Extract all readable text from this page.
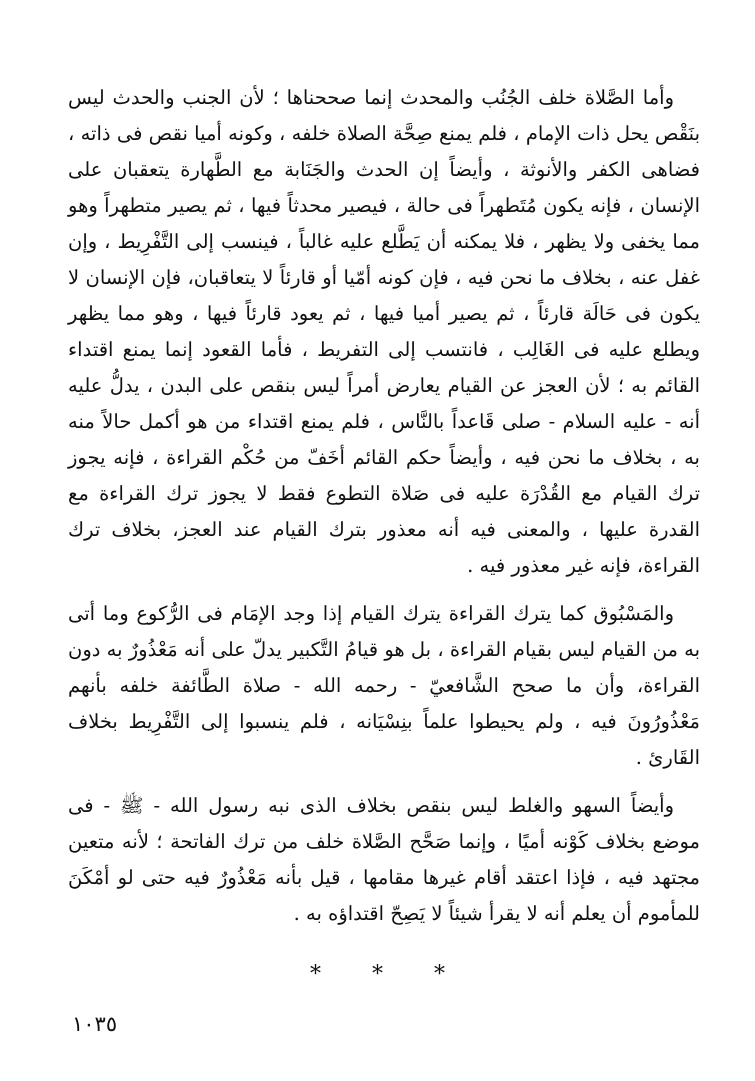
وأما الصَّلاة خلف الجُنُب والمحدث إنما صححناها ؛ لأن الجنب والحدث ليس بنَقْص يحل ذات الإمام ، فلم يمنع صِحَّة الصلاة خلفه ، وكونه أميا نقص فى ذاته ، فضاهى الكفر والأنوثة ، وأيضاً إن الحدث والجَنَابة مع الطَّهارة يتعقبان على الإنسان ، فإنه يكون مُتَطهراً فى حالة ، فيصير محدثاً فيها ، ثم يصير متطهراً وهو مما يخفى ولا يظهر ، فلا يمكنه أن يَطَّلع عليه غالباً ، فينسب إلى التَّفْرِيط ، وإن غفل عنه ، بخلاف ما نحن فيه ، فإن كونه أمّيا أو قارئاً لا يتعاقبان، فإن الإنسان لا يكون فى حَالَة قارئاً ، ثم يصير أميا فيها ، ثم يعود قارئاً فيها ، وهو مما يظهر ويطلع عليه فى الغَالِب ، فانتسب إلى التفريط ، فأما القعود إنما يمنع اقتداء القائم به ؛ لأن العجز عن القيام يعارض أمراً ليس بنقص على البدن ، يدلُّ عليه أنه - عليه السلام - صلى قَاعداً بالنَّاس ، فلم يمنع اقتداء من هو أكمل حالاً منه به ، بخلاف ما نحن فيه ، وأيضاً حكم القائم أخَفّ من حُكْم القراءة ، فإنه يجوز ترك القيام مع القُدْرَة عليه فى صَلاة التطوع فقط لا يجوز ترك القراءة مع القدرة عليها ، والمعنى فيه أنه معذور بترك القيام عند العجز، بخلاف ترك القراءة، فإنه غير معذور فيه .

والمَسْبُوق كما يترك القراءة يترك القيام إذا وجد الإمَام فى الرُّكوع وما أتى به من القيام ليس بقيام القراءة ، بل هو قيامُ التَّكبير يدلّ على أنه مَعْذُورٌ به دون القراءة، وأن ما صحح الشَّافعيّ - رحمه الله - صلاة الطَّائفة خلفه بأنهم مَعْذُورُونَ فيه ، ولم يحيطوا علماً بنِسْيَانه ، فلم ينسبوا إلى التَّفْرِيط بخلاف القَارئ .

وأيضاً السهو والغلط ليس بنقص بخلاف الذى نبه رسول الله - ﷺ - فى موضع بخلاف كَوْنه أميًا ، وإنما صَحَّح الصَّلاة خلف من ترك الفاتحة ؛ لأنه متعين مجتهد فيه ، فإذا اعتقد أقام غيرها مقامها ، قيل بأنه مَعْذُورٌ فيه حتى لو أمْكَنَ للمأموم أن يعلم أنه لا يقرأ شيئاً لا يَصِحّ اقتداؤه به .

* * *
١٠٣٥
